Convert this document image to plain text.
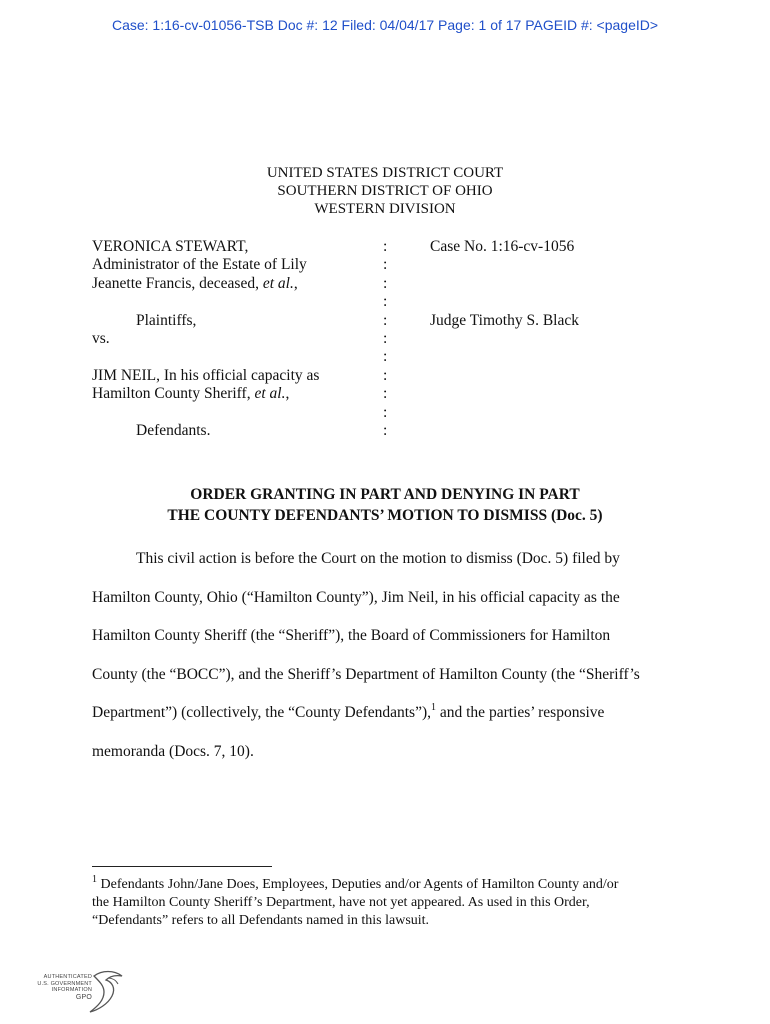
Case: 1:16-cv-01056-TSB Doc #: 12 Filed: 04/04/17 Page: 1 of 17 PAGEID #: <pageID>
UNITED STATES DISTRICT COURT
SOUTHERN DISTRICT OF OHIO
WESTERN DIVISION
VERONICA STEWART,
Administrator of the Estate of Lily
Jeanette Francis, deceased, et al.,

Plaintiffs,
vs.

JIM NEIL, In his official capacity as
Hamilton County Sheriff, et al.,

Defendants.
:
:
:
:
:
:
:
:
:
:
:
Case No. 1:16-cv-1056

Judge Timothy S. Black
ORDER GRANTING IN PART AND DENYING IN PART
THE COUNTY DEFENDANTS’ MOTION TO DISMISS (Doc. 5)

This civil action is before the Court on the motion to dismiss (Doc. 5) filed by

Hamilton County, Ohio (“Hamilton County”), Jim Neil, in his official capacity as the

Hamilton County Sheriff (the “Sheriff”), the Board of Commissioners for Hamilton

County (the “BOCC”), and the Sheriff’s Department of Hamilton County (the “Sheriff’s

Department”) (collectively, the “County Defendants”),$^1$ and the parties’ responsive

memoranda (Docs. 7, 10).

$^1$ Defendants John/Jane Does, Employees, Deputies and/or Agents of Hamilton County and/or
the Hamilton County Sheriff’s Department, have not yet appeared. As used in this Order,
“Defendants” refers to all Defendants named in this lawsuit.
AUTHENTICATED
U.S. GOVERNMENT
INFORMATION
GPO
